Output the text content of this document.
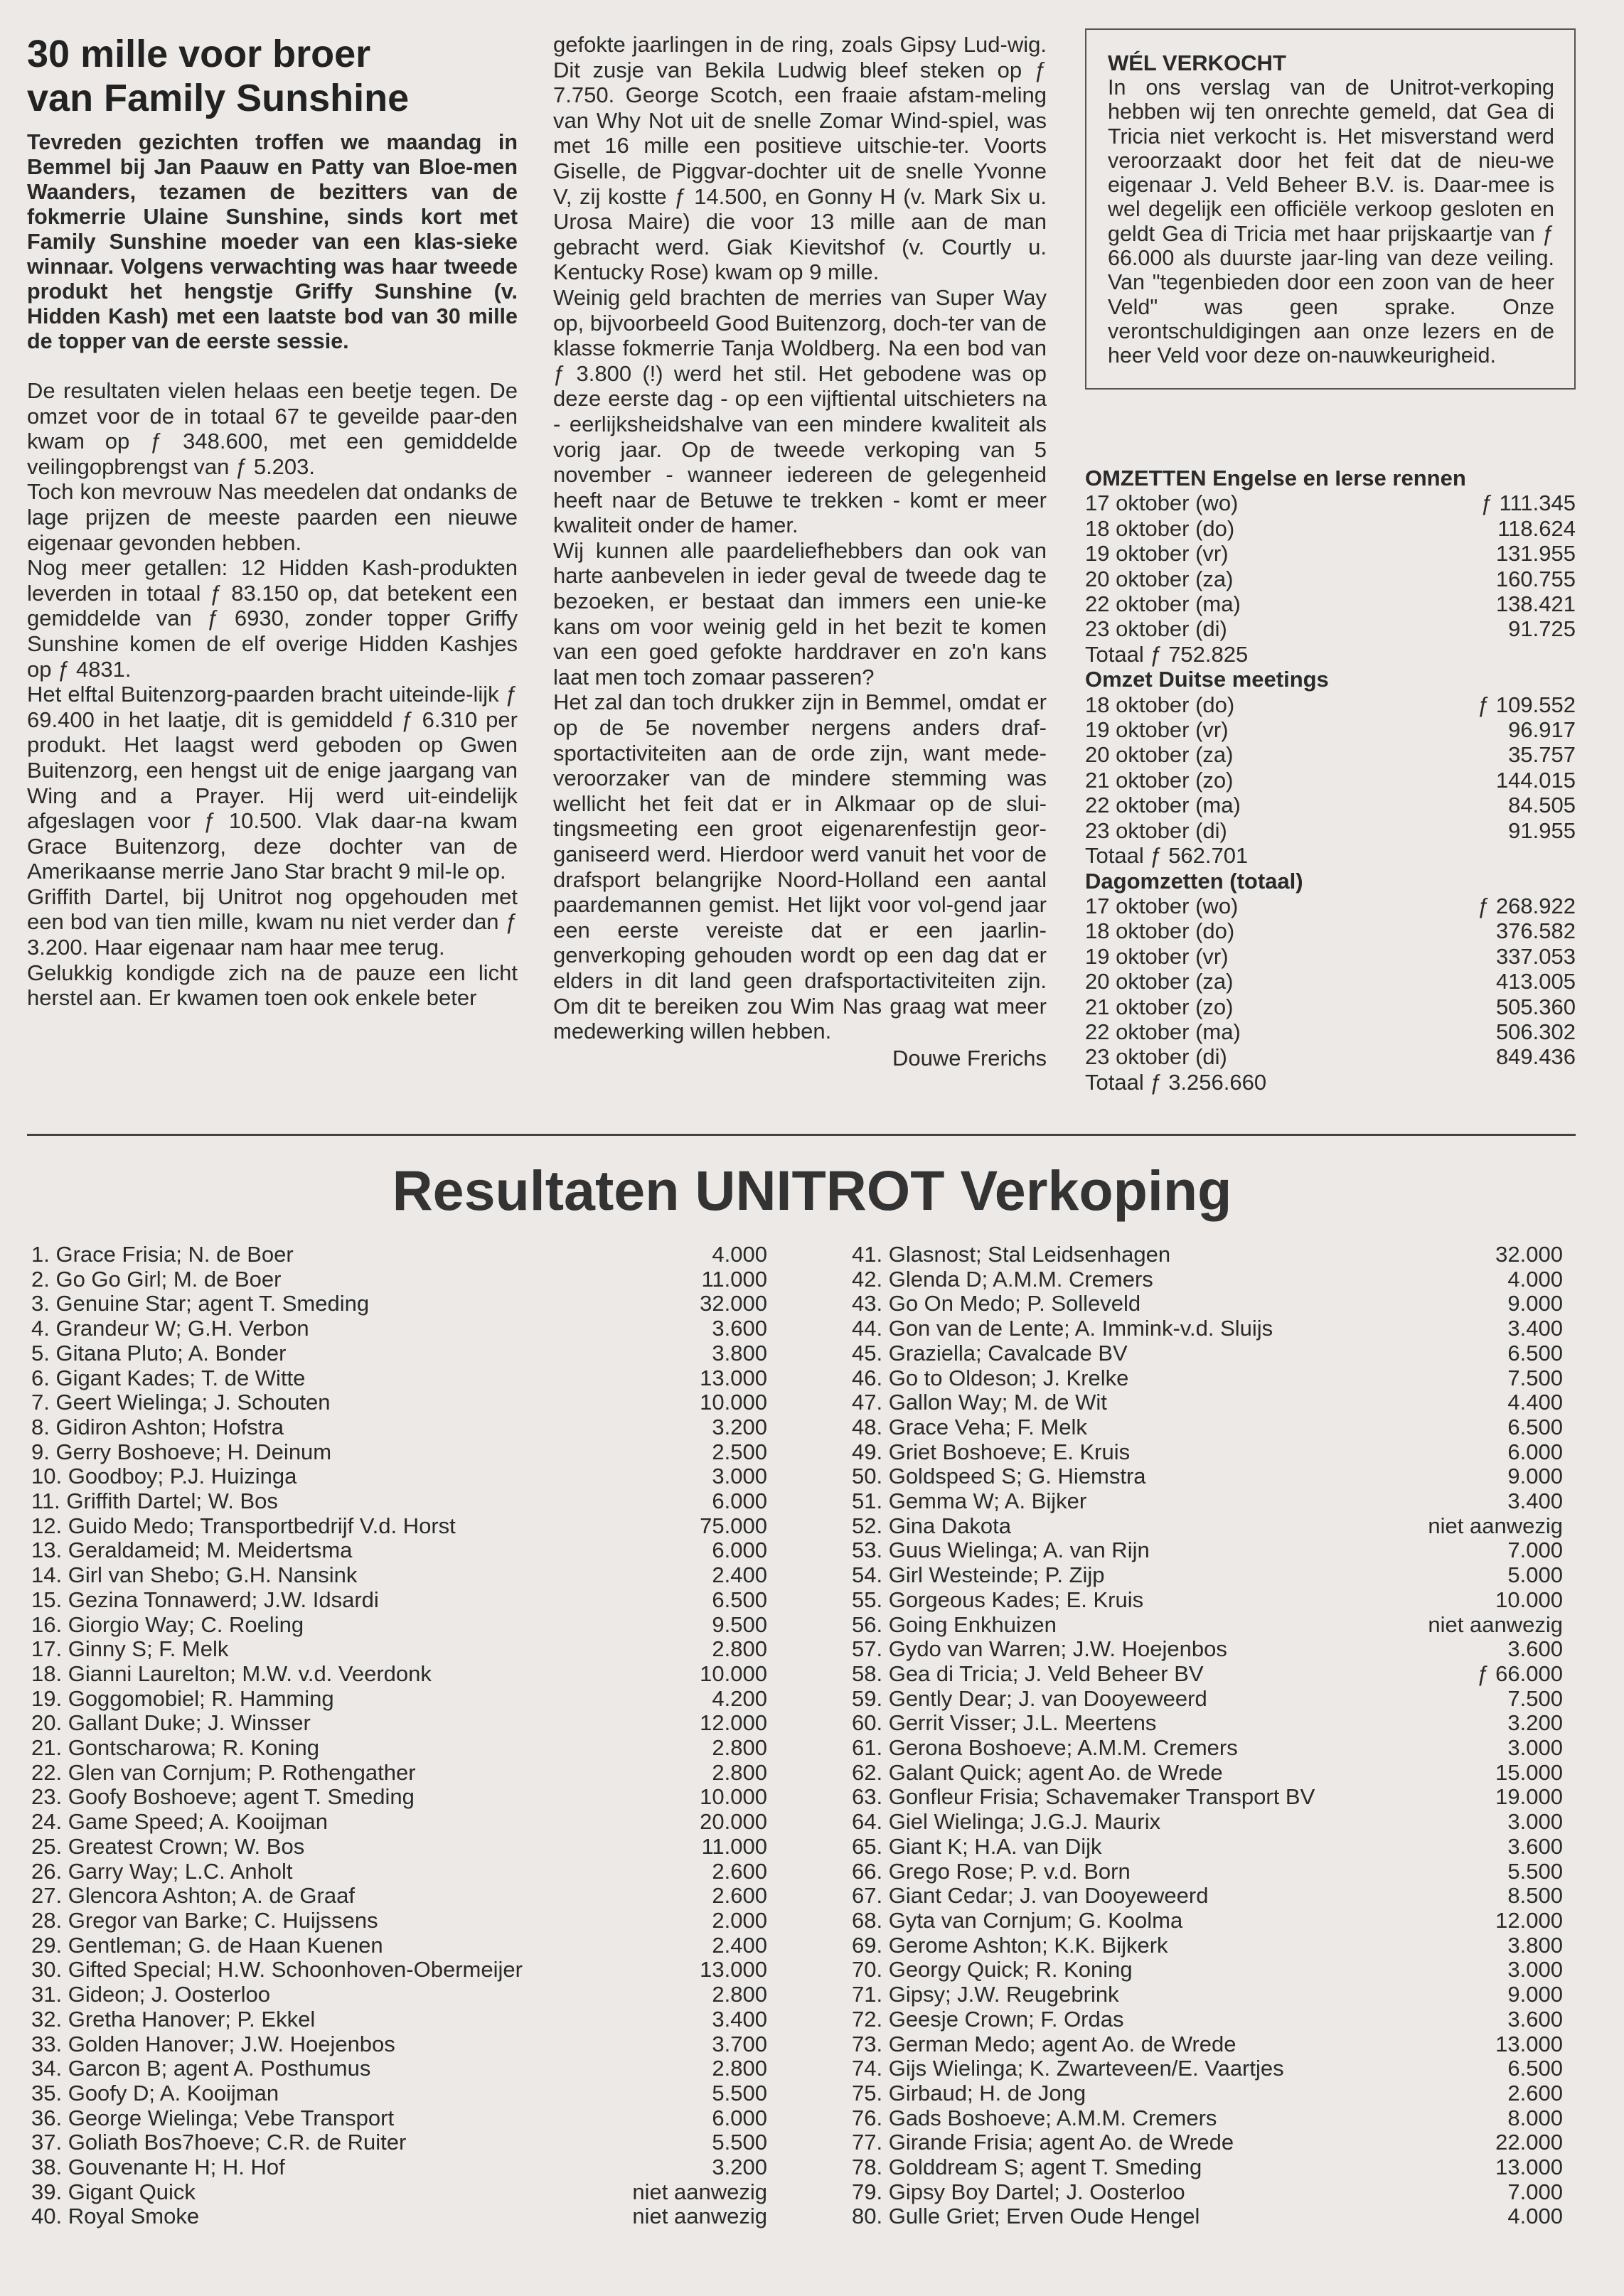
30 mille voor broer
van Family Sunshine

Tevreden gezichten troffen we maandag in Bemmel bij Jan Paauw en Patty van Bloe-men Waanders, tezamen de bezitters van de fokmerrie Ulaine Sunshine, sinds kort met Family Sunshine moeder van een klas-sieke winnaar. Volgens verwachting was haar tweede produkt het hengstje Griffy Sunshine (v. Hidden Kash) met een laatste bod van 30 mille de topper van de eerste sessie.

De resultaten vielen helaas een beetje tegen. De omzet voor de in totaal 67 te geveilde paar-den kwam op ƒ 348.600, met een gemiddelde veilingopbrengst van ƒ 5.203.

Toch kon mevrouw Nas meedelen dat ondanks de lage prijzen de meeste paarden een nieuwe eigenaar gevonden hebben.

Nog meer getallen: 12 Hidden Kash-produkten leverden in totaal ƒ 83.150 op, dat betekent een gemiddelde van ƒ 6930, zonder topper Griffy Sunshine komen de elf overige Hidden Kashjes op ƒ 4831.

Het elftal Buitenzorg-paarden bracht uiteinde-lijk ƒ 69.400 in het laatje, dit is gemiddeld ƒ 6.310 per produkt. Het laagst werd geboden op Gwen Buitenzorg, een hengst uit de enige jaargang van Wing and a Prayer. Hij werd uit-eindelijk afgeslagen voor ƒ 10.500. Vlak daar-na kwam Grace Buitenzorg, deze dochter van de Amerikaanse merrie Jano Star bracht 9 mil-le op.

Griffith Dartel, bij Unitrot nog opgehouden met een bod van tien mille, kwam nu niet verder dan ƒ 3.200. Haar eigenaar nam haar mee terug.

Gelukkig kondigde zich na de pauze een licht herstel aan. Er kwamen toen ook enkele beter

gefokte jaarlingen in de ring, zoals Gipsy Lud-wig. Dit zusje van Bekila Ludwig bleef steken op ƒ 7.750. George Scotch, een fraaie afstam-meling van Why Not uit de snelle Zomar Wind-spiel, was met 16 mille een positieve uitschie-ter. Voorts Giselle, de Piggvar-dochter uit de snelle Yvonne V, zij kostte ƒ 14.500, en Gonny H (v. Mark Six u. Urosa Maire) die voor 13 mille aan de man gebracht werd. Giak Kievitshof (v. Courtly u. Kentucky Rose) kwam op 9 mille.

Weinig geld brachten de merries van Super Way op, bijvoorbeeld Good Buitenzorg, doch-ter van de klasse fokmerrie Tanja Woldberg. Na een bod van ƒ 3.800 (!) werd het stil. Het gebodene was op deze eerste dag - op een vijftiental uitschieters na - eerlijksheidshalve van een mindere kwaliteit als vorig jaar. Op de tweede verkoping van 5 november - wanneer iedereen de gelegenheid heeft naar de Betuwe te trekken - komt er meer kwaliteit onder de hamer.

Wij kunnen alle paardeliefhebbers dan ook van harte aanbevelen in ieder geval de tweede dag te bezoeken, er bestaat dan immers een unie-ke kans om voor weinig geld in het bezit te komen van een goed gefokte harddraver en zo'n kans laat men toch zomaar passeren?

Het zal dan toch drukker zijn in Bemmel, omdat er op de 5e november nergens anders draf-sportactiviteiten aan de orde zijn, want mede-veroorzaker van de mindere stemming was wellicht het feit dat er in Alkmaar op de slui-tingsmeeting een groot eigenarenfestijn geor-ganiseerd werd. Hierdoor werd vanuit het voor de drafsport belangrijke Noord-Holland een aantal paardemannen gemist. Het lijkt voor vol-gend jaar een eerste vereiste dat er een jaarlin-genverkoping gehouden wordt op een dag dat er elders in dit land geen drafsportactiviteiten zijn. Om dit te bereiken zou Wim Nas graag wat meer medewerking willen hebben.

Douwe Frerichs

WÉL VERKOCHT
In ons verslag van de Unitrot-verkoping hebben wij ten onrechte gemeld, dat Gea di Tricia niet verkocht is. Het misverstand werd veroorzaakt door het feit dat de nieu-we eigenaar J. Veld Beheer B.V. is. Daar-mee is wel degelijk een officiële verkoop gesloten en geldt Gea di Tricia met haar prijskaartje van ƒ 66.000 als duurste jaar-ling van deze veiling. Van "tegenbieden door een zoon van de heer Veld" was geen sprake. Onze verontschuldigingen aan onze lezers en de heer Veld voor deze on-nauwkeurigheid.
OMZETTEN Engelse en Ierse rennen
17 oktober (wo)	ƒ 111.345
18 oktober (do)	118.624
19 oktober (vr)	131.955
20 oktober (za)	160.755
22 oktober (ma)	138.421
23 oktober (di)	91.725
Totaal ƒ 752.825
Omzet Duitse meetings
18 oktober (do)	ƒ 109.552
19 oktober (vr)	96.917
20 oktober (za)	35.757
21 oktober (zo)	144.015
22 oktober (ma)	84.505
23 oktober (di)	91.955
Totaal ƒ 562.701
Dagomzetten (totaal)
17 oktober (wo)	ƒ 268.922
18 oktober (do)	376.582
19 oktober (vr)	337.053
20 oktober (za)	413.005
21 oktober (zo)	505.360
22 oktober (ma)	506.302
23 oktober (di)	849.436
Totaal ƒ 3.256.660
Resultaten UNITROT Verkoping
1. Grace Frisia; N. de Boer	4.000
2. Go Go Girl; M. de Boer	11.000
3. Genuine Star; agent T. Smeding	32.000
4. Grandeur W; G.H. Verbon	3.600
5. Gitana Pluto; A. Bonder	3.800
6. Gigant Kades; T. de Witte	13.000
7. Geert Wielinga; J. Schouten	10.000
8. Gidiron Ashton; Hofstra	3.200
9. Gerry Boshoeve; H. Deinum	2.500
10. Goodboy; P.J. Huizinga	3.000
11. Griffith Dartel; W. Bos	6.000
12. Guido Medo; Transportbedrijf V.d. Horst	75.000
13. Geraldameid; M. Meidertsma	6.000
14. Girl van Shebo; G.H. Nansink	2.400
15. Gezina Tonnawerd; J.W. Idsardi	6.500
16. Giorgio Way; C. Roeling	9.500
17. Ginny S; F. Melk	2.800
18. Gianni Laurelton; M.W. v.d. Veerdonk	10.000
19. Goggomobiel; R. Hamming	4.200
20. Gallant Duke; J. Winsser	12.000
21. Gontscharowa; R. Koning	2.800
22. Glen van Cornjum; P. Rothengather	2.800
23. Goofy Boshoeve; agent T. Smeding	10.000
24. Game Speed; A. Kooijman	20.000
25. Greatest Crown; W. Bos	11.000
26. Garry Way; L.C. Anholt	2.600
27. Glencora Ashton; A. de Graaf	2.600
28. Gregor van Barke; C. Huijssens	2.000
29. Gentleman; G. de Haan Kuenen	2.400
30. Gifted Special; H.W. Schoonhoven-Obermeijer	13.000
31. Gideon; J. Oosterloo	2.800
32. Gretha Hanover; P. Ekkel	3.400
33. Golden Hanover; J.W. Hoejenbos	3.700
34. Garcon B; agent A. Posthumus	2.800
35. Goofy D; A. Kooijman	5.500
36. George Wielinga; Vebe Transport	6.000
37. Goliath Bos7hoeve; C.R. de Ruiter	5.500
38. Gouvenante H; H. Hof	3.200
39. Gigant Quick	niet aanwezig
40. Royal Smoke	niet aanwezig
41. Glasnost; Stal Leidsenhagen	32.000
42. Glenda D; A.M.M. Cremers	4.000
43. Go On Medo; P. Solleveld	9.000
44. Gon van de Lente; A. Immink-v.d. Sluijs	3.400
45. Graziella; Cavalcade BV	6.500
46. Go to Oldeson; J. Krelke	7.500
47. Gallon Way; M. de Wit	4.400
48. Grace Veha; F. Melk	6.500
49. Griet Boshoeve; E. Kruis	6.000
50. Goldspeed S; G. Hiemstra	9.000
51. Gemma W; A. Bijker	3.400
52. Gina Dakota	niet aanwezig
53. Guus Wielinga; A. van Rijn	7.000
54. Girl Westeinde; P. Zijp	5.000
55. Gorgeous Kades; E. Kruis	10.000
56. Going Enkhuizen	niet aanwezig
57. Gydo van Warren; J.W. Hoejenbos	3.600
58. Gea di Tricia; J. Veld Beheer BV	ƒ 66.000
59. Gently Dear; J. van Dooyeweerd	7.500
60. Gerrit Visser; J.L. Meertens	3.200
61. Gerona Boshoeve; A.M.M. Cremers	3.000
62. Galant Quick; agent Ao. de Wrede	15.000
63. Gonfleur Frisia; Schavemaker Transport BV	19.000
64. Giel Wielinga; J.G.J. Maurix	3.000
65. Giant K; H.A. van Dijk	3.600
66. Grego Rose; P. v.d. Born	5.500
67. Giant Cedar; J. van Dooyeweerd	8.500
68. Gyta van Cornjum; G. Koolma	12.000
69. Gerome Ashton; K.K. Bijkerk	3.800
70. Georgy Quick; R. Koning	3.000
71. Gipsy; J.W. Reugebrink	9.000
72. Geesje Crown; F. Ordas	3.600
73. German Medo; agent Ao. de Wrede	13.000
74. Gijs Wielinga; K. Zwarteveen/E. Vaartjes	6.500
75. Girbaud; H. de Jong	2.600
76. Gads Boshoeve; A.M.M. Cremers	8.000
77. Girande Frisia; agent Ao. de Wrede	22.000
78. Golddream S; agent T. Smeding	13.000
79. Gipsy Boy Dartel; J. Oosterloo	7.000
80. Gulle Griet; Erven Oude Hengel	4.000
